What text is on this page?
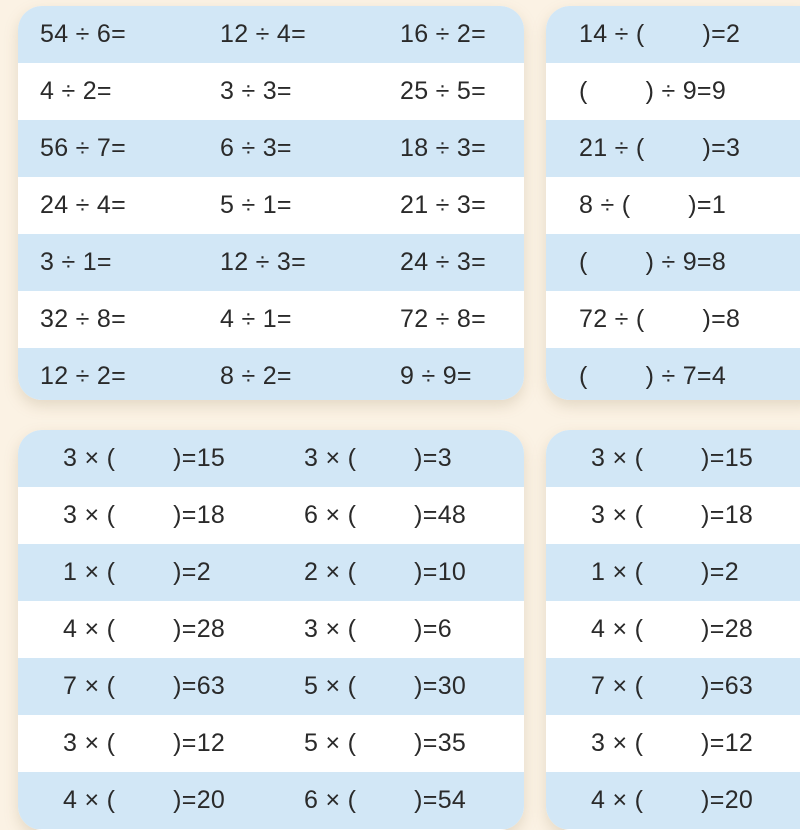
54 ÷ 6=	12 ÷ 4=	16 ÷ 2=
4 ÷ 2=	3 ÷ 3=	25 ÷ 5=
56 ÷ 7=	6 ÷ 3=	18 ÷ 3=
24 ÷ 4=	5 ÷ 1=	21 ÷ 3=
3 ÷ 1=	12 ÷ 3=	24 ÷ 3=
32 ÷ 8=	4 ÷ 1=	72 ÷ 8=
12 ÷ 2=	8 ÷ 2=	9 ÷ 9=
14 ÷ (        )=2
(        ) ÷ 9=9
21 ÷ (        )=3
8 ÷ (        )=1
(        ) ÷ 9=8
72 ÷ (        )=8
(        ) ÷ 7=4
3 × (        )=15	3 × (        )=3
3 × (        )=18	6 × (        )=48
1 × (        )=2	2 × (        )=10
4 × (        )=28	3 × (        )=6
7 × (        )=63	5 × (        )=30
3 × (        )=12	5 × (        )=35
4 × (        )=20	6 × (        )=54
3 × (        )=15
3 × (        )=18
1 × (        )=2
4 × (        )=28
7 × (        )=63
3 × (        )=12
4 × (        )=20
